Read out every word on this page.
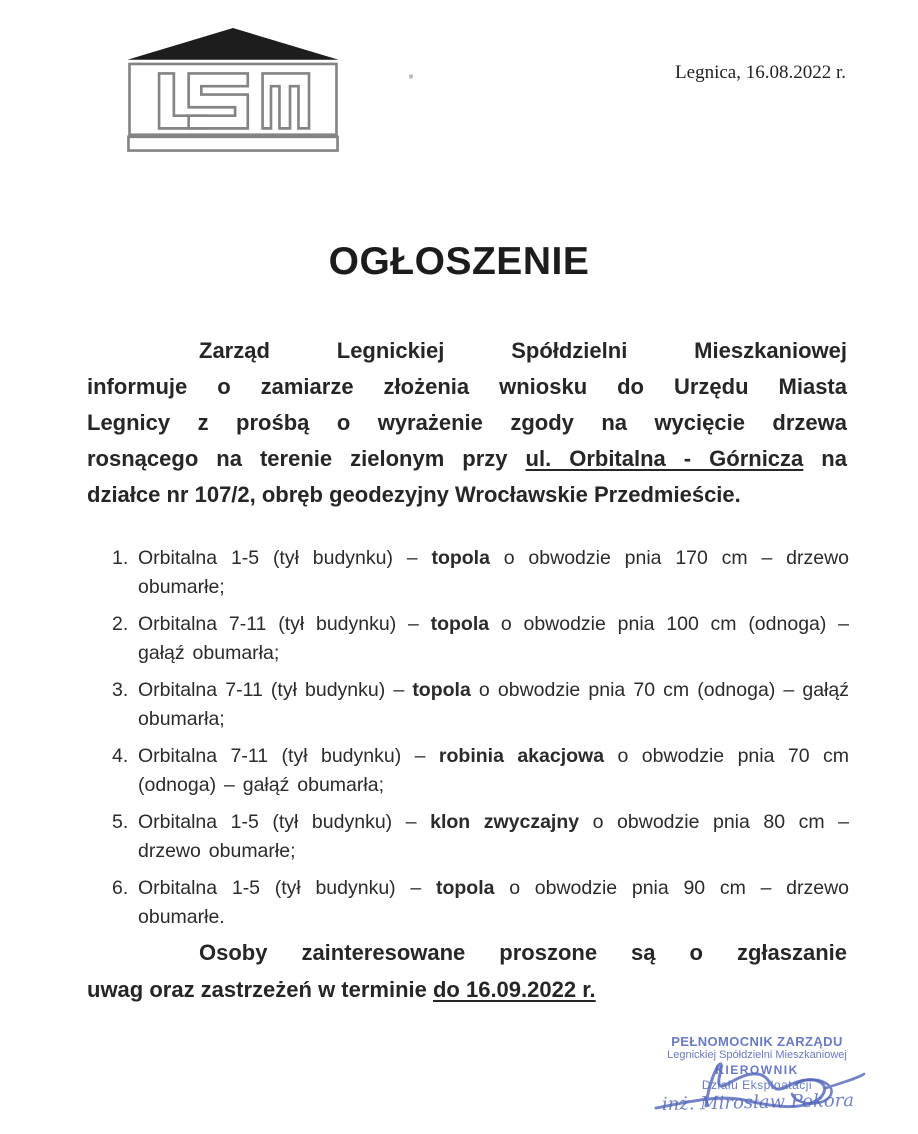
Legnica, 16.08.2022 r.
OGŁOSZENIE
Zarząd Legnickiej Spółdzielni Mieszkaniowej
informuje o zamiarze złożenia wniosku do Urzędu Miasta
Legnicy z prośbą o wyrażenie zgody na wycięcie drzewa
rosnącego na terenie zielonym przy ul. Orbitalna - Górnicza na
działce nr 107/2, obręb geodezyjny Wrocławskie Przedmieście.
1. Orbitalna 1-5 (tył budynku) – topola o obwodzie pnia 170 cm – drzewo obumarłe;
2. Orbitalna 7-11 (tył budynku) – topola o obwodzie pnia 100 cm (odnoga) – gałąź obumarła;
3. Orbitalna 7-11 (tył budynku) – topola o obwodzie pnia 70 cm (odnoga) – gałąź obumarła;
4. Orbitalna 7-11 (tył budynku) – robinia akacjowa o obwodzie pnia 70 cm (odnoga) – gałąź obumarła;
5. Orbitalna 1-5 (tył budynku) – klon zwyczajny o obwodzie pnia 80 cm – drzewo obumarłe;
6. Orbitalna 1-5 (tył budynku) – topola o obwodzie pnia 90 cm – drzewo obumarłe.
Osoby zainteresowane proszone są o zgłaszanie
uwag oraz zastrzeżeń w terminie do 16.09.2022 r.
PEŁNOMOCNIK ZARZĄDU
Legnickiej Spółdzielni Mieszkaniowej
KIEROWNIK
Działu Eksploatacji
inż. Mirosław Pokora
